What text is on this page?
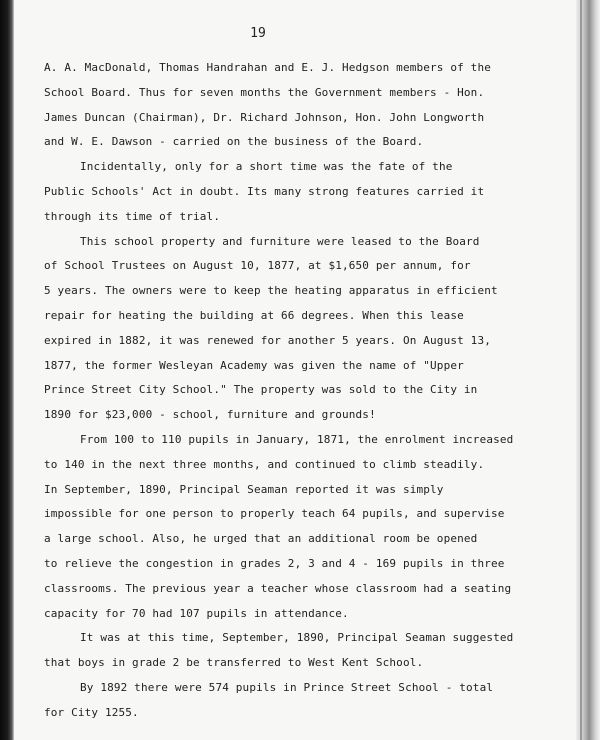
19
A. A. MacDonald, Thomas Handrahan and E. J. Hedgson members of the
School Board. Thus for seven months the Government members - Hon.
James Duncan (Chairman), Dr. Richard Johnson, Hon. John Longworth
and W. E. Dawson - carried on the business of the Board.
Incidentally, only for a short time was the fate of the
Public Schools' Act in doubt. Its many strong features carried it
through its time of trial.
This school property and furniture were leased to the Board
of School Trustees on August 10, 1877, at $1,650 per annum, for
5 years. The owners were to keep the heating apparatus in efficient
repair for heating the building at 66 degrees. When this lease
expired in 1882, it was renewed for another 5 years. On August 13,
1877, the former Wesleyan Academy was given the name of "Upper
Prince Street City School." The property was sold to the City in
1890 for $23,000 - school, furniture and grounds!
From 100 to 110 pupils in January, 1871, the enrolment increased
to 140 in the next three months, and continued to climb steadily.
In September, 1890, Principal Seaman reported it was simply
impossible for one person to properly teach 64 pupils, and supervise
a large school. Also, he urged that an additional room be opened
to relieve the congestion in grades 2, 3 and 4 - 169 pupils in three
classrooms. The previous year a teacher whose classroom had a seating
capacity for 70 had 107 pupils in attendance.
It was at this time, September, 1890, Principal Seaman suggested
that boys in grade 2 be transferred to West Kent School.
By 1892 there were 574 pupils in Prince Street School - total
for City 1255.
